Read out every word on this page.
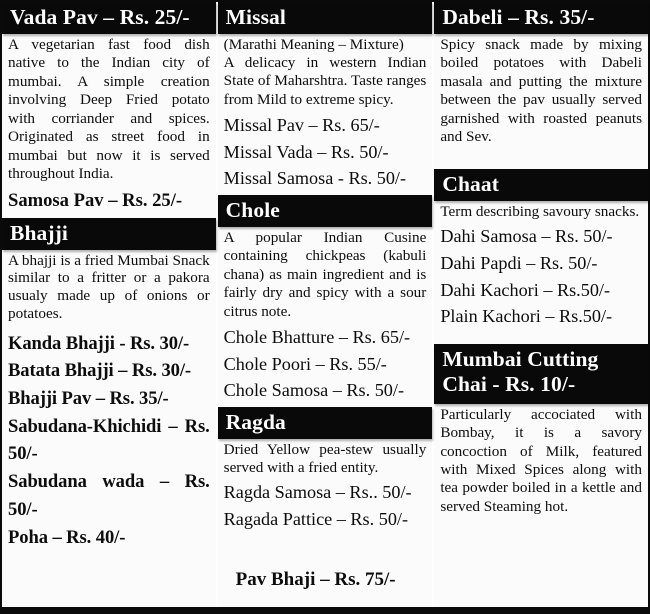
Vada Pav – Rs. 25/-

A vegetarian fast food dish native to the Indian city of mumbai. A simple creation involving Deep Fried potato with corriander and spices. Originated as street food in mumbai but now it is served throughout India.

Samosa Pav – Rs. 25/-
Bhajji

A bhajji is a fried Mumbai Snack similar to a fritter or a pakora usualy made up of onions or potatoes.

Kanda Bhajji - Rs. 30/-
Batata Bhajji – Rs. 30/-
Bhajji Pav – Rs. 35/-
Sabudana-Khichidi – Rs. 50/-
Sabudana wada – Rs. 50/-
Poha – Rs. 40/-
Missal

(Marathi Meaning – Mixture)

A delicacy in western Indian State of Maharshtra. Taste ranges from Mild to extreme spicy.

Missal Pav – Rs. 65/-
Missal Vada – Rs. 50/-
Missal Samosa - Rs. 50/-
Chole

A popular Indian Cusine containing chickpeas (kabuli chana) as main ingredient and is fairly dry and spicy with a sour citrus note.

Chole Bhatture – Rs. 65/-
Chole Poori – Rs. 55/-
Chole Samosa – Rs. 50/-
Ragda

Dried Yellow pea-stew usually served with a fried entity.

Ragda Samosa – Rs.. 50/-
Ragada Pattice – Rs. 50/-
Pav Bhaji – Rs. 75/-
Dabeli – Rs. 35/-

Spicy snack made by mixing boiled potatoes with Dabeli masala and putting the mixture between the pav usually served garnished with roasted peanuts and Sev.

Chaat

Term describing savoury snacks.

Dahi Samosa – Rs. 50/-
Dahi Papdi – Rs. 50/-
Dahi Kachori – Rs.50/-
Plain Kachori – Rs.50/-
Mumbai Cutting
Chai - Rs. 10/-

Particularly accociated with Bombay, it is a savory concoction of Milk, featured with Mixed Spices along with tea powder boiled in a kettle and served Steaming hot.
